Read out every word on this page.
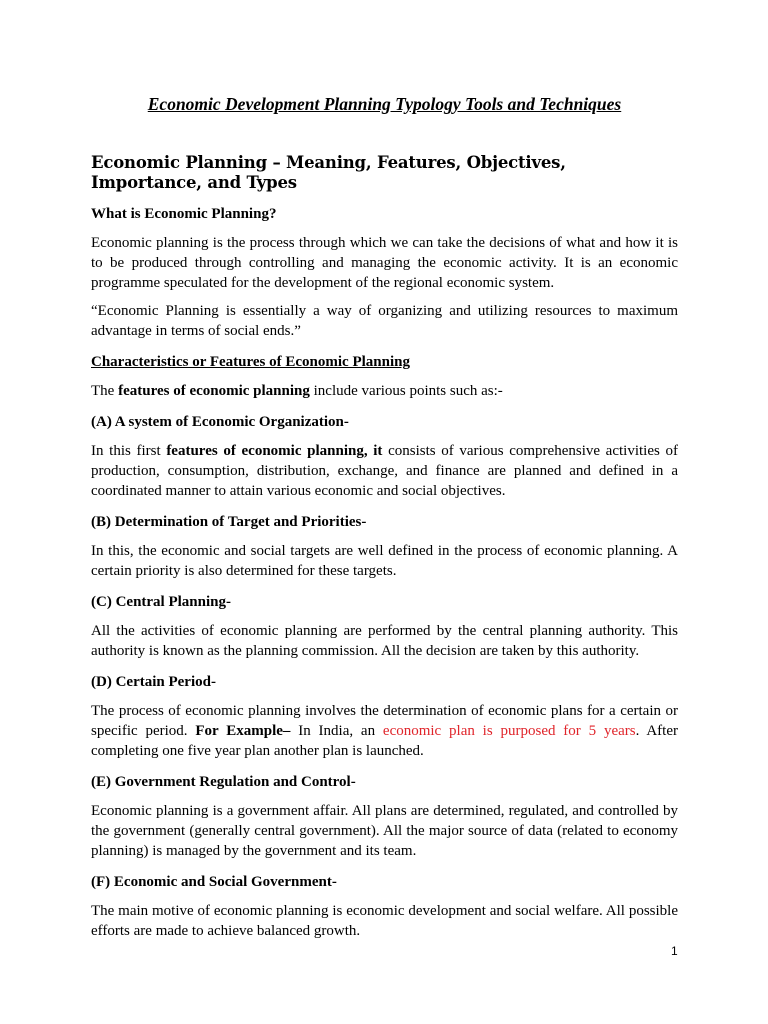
Economic Development Planning Typology Tools and Techniques
Economic Planning – Meaning, Features, Objectives, Importance, and Types
What is Economic Planning?

Economic planning is the process through which we can take the decisions of what and how it is to be produced through controlling and managing the economic activity. It is an economic programme speculated for the development of the regional economic system.

“Economic Planning is essentially a way of organizing and utilizing resources to maximum advantage in terms of social ends.”

Characteristics or Features of Economic Planning

The features of economic planning include various points such as:-

(A) A system of Economic Organization-

In this first features of economic planning, it consists of various comprehensive activities of production, consumption, distribution, exchange, and finance are planned and defined in a coordinated manner to attain various economic and social objectives.

(B) Determination of Target and Priorities-

In this, the economic and social targets are well defined in the process of economic planning. A certain priority is also determined for these targets.

(C) Central Planning-

All the activities of economic planning are performed by the central planning authority. This authority is known as the planning commission. All the decision are taken by this authority.

(D) Certain Period-

The process of economic planning involves the determination of economic plans for a certain or specific period. For Example– In India, an economic plan is purposed for 5 years. After completing one five year plan another plan is launched.

(E) Government Regulation and Control-

Economic planning is a government affair. All plans are determined, regulated, and controlled by the government (generally central government). All the major source of data (related to economy planning) is managed by the government and its team.

(F) Economic and Social Government-

The main motive of economic planning is economic development and social welfare. All possible efforts are made to achieve balanced growth.

1
